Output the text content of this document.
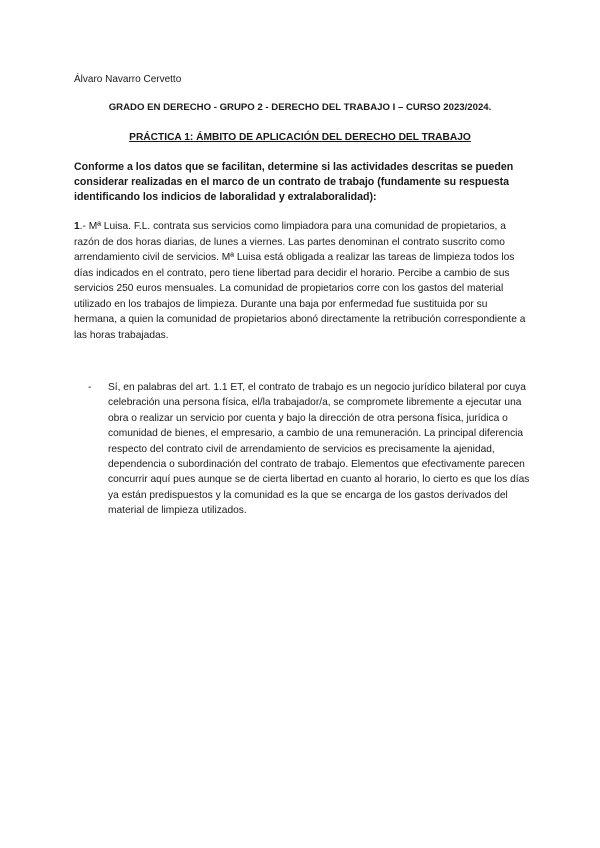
Álvaro Navarro Cervetto
GRADO EN DERECHO - GRUPO 2 - DERECHO DEL TRABAJO I – CURSO 2023/2024.
PRÁCTICA 1: ÁMBITO DE APLICACIÓN DEL DERECHO DEL TRABAJO
Conforme a los datos que se facilitan, determine si las actividades descritas se pueden considerar realizadas en el marco de un contrato de trabajo (fundamente su respuesta identificando los indicios de laboralidad y extralaboralidad):
1.- Mª Luisa. F.L. contrata sus servicios como limpiadora para una comunidad de propietarios, a razón de dos horas diarias, de lunes a viernes. Las partes denominan el contrato suscrito como arrendamiento civil de servicios. Mª Luisa está obligada a realizar las tareas de limpieza todos los días indicados en el contrato, pero tiene libertad para decidir el horario. Percibe a cambio de sus servicios 250 euros mensuales. La comunidad de propietarios corre con los gastos del material utilizado en los trabajos de limpieza. Durante una baja por enfermedad fue sustituida por su hermana, a quien la comunidad de propietarios abonó directamente la retribución correspondiente a las horas trabajadas.
-	Sí, en palabras del art. 1.1 ET, el contrato de trabajo es un negocio jurídico bilateral por cuya celebración una persona física, el/la trabajador/a, se compromete libremente a ejecutar una obra o realizar un servicio por cuenta y bajo la dirección de otra persona física, jurídica o comunidad de bienes, el empresario, a cambio de una remuneración. La principal diferencia respecto del contrato civil de arrendamiento de servicios es precisamente la ajenidad, dependencia o subordinación del contrato de trabajo. Elementos que efectivamente parecen concurrir aquí pues aunque se de cierta libertad en cuanto al horario, lo cierto es que los días ya están predispuestos y la comunidad es la que se encarga de los gastos derivados del material de limpieza utilizados.
